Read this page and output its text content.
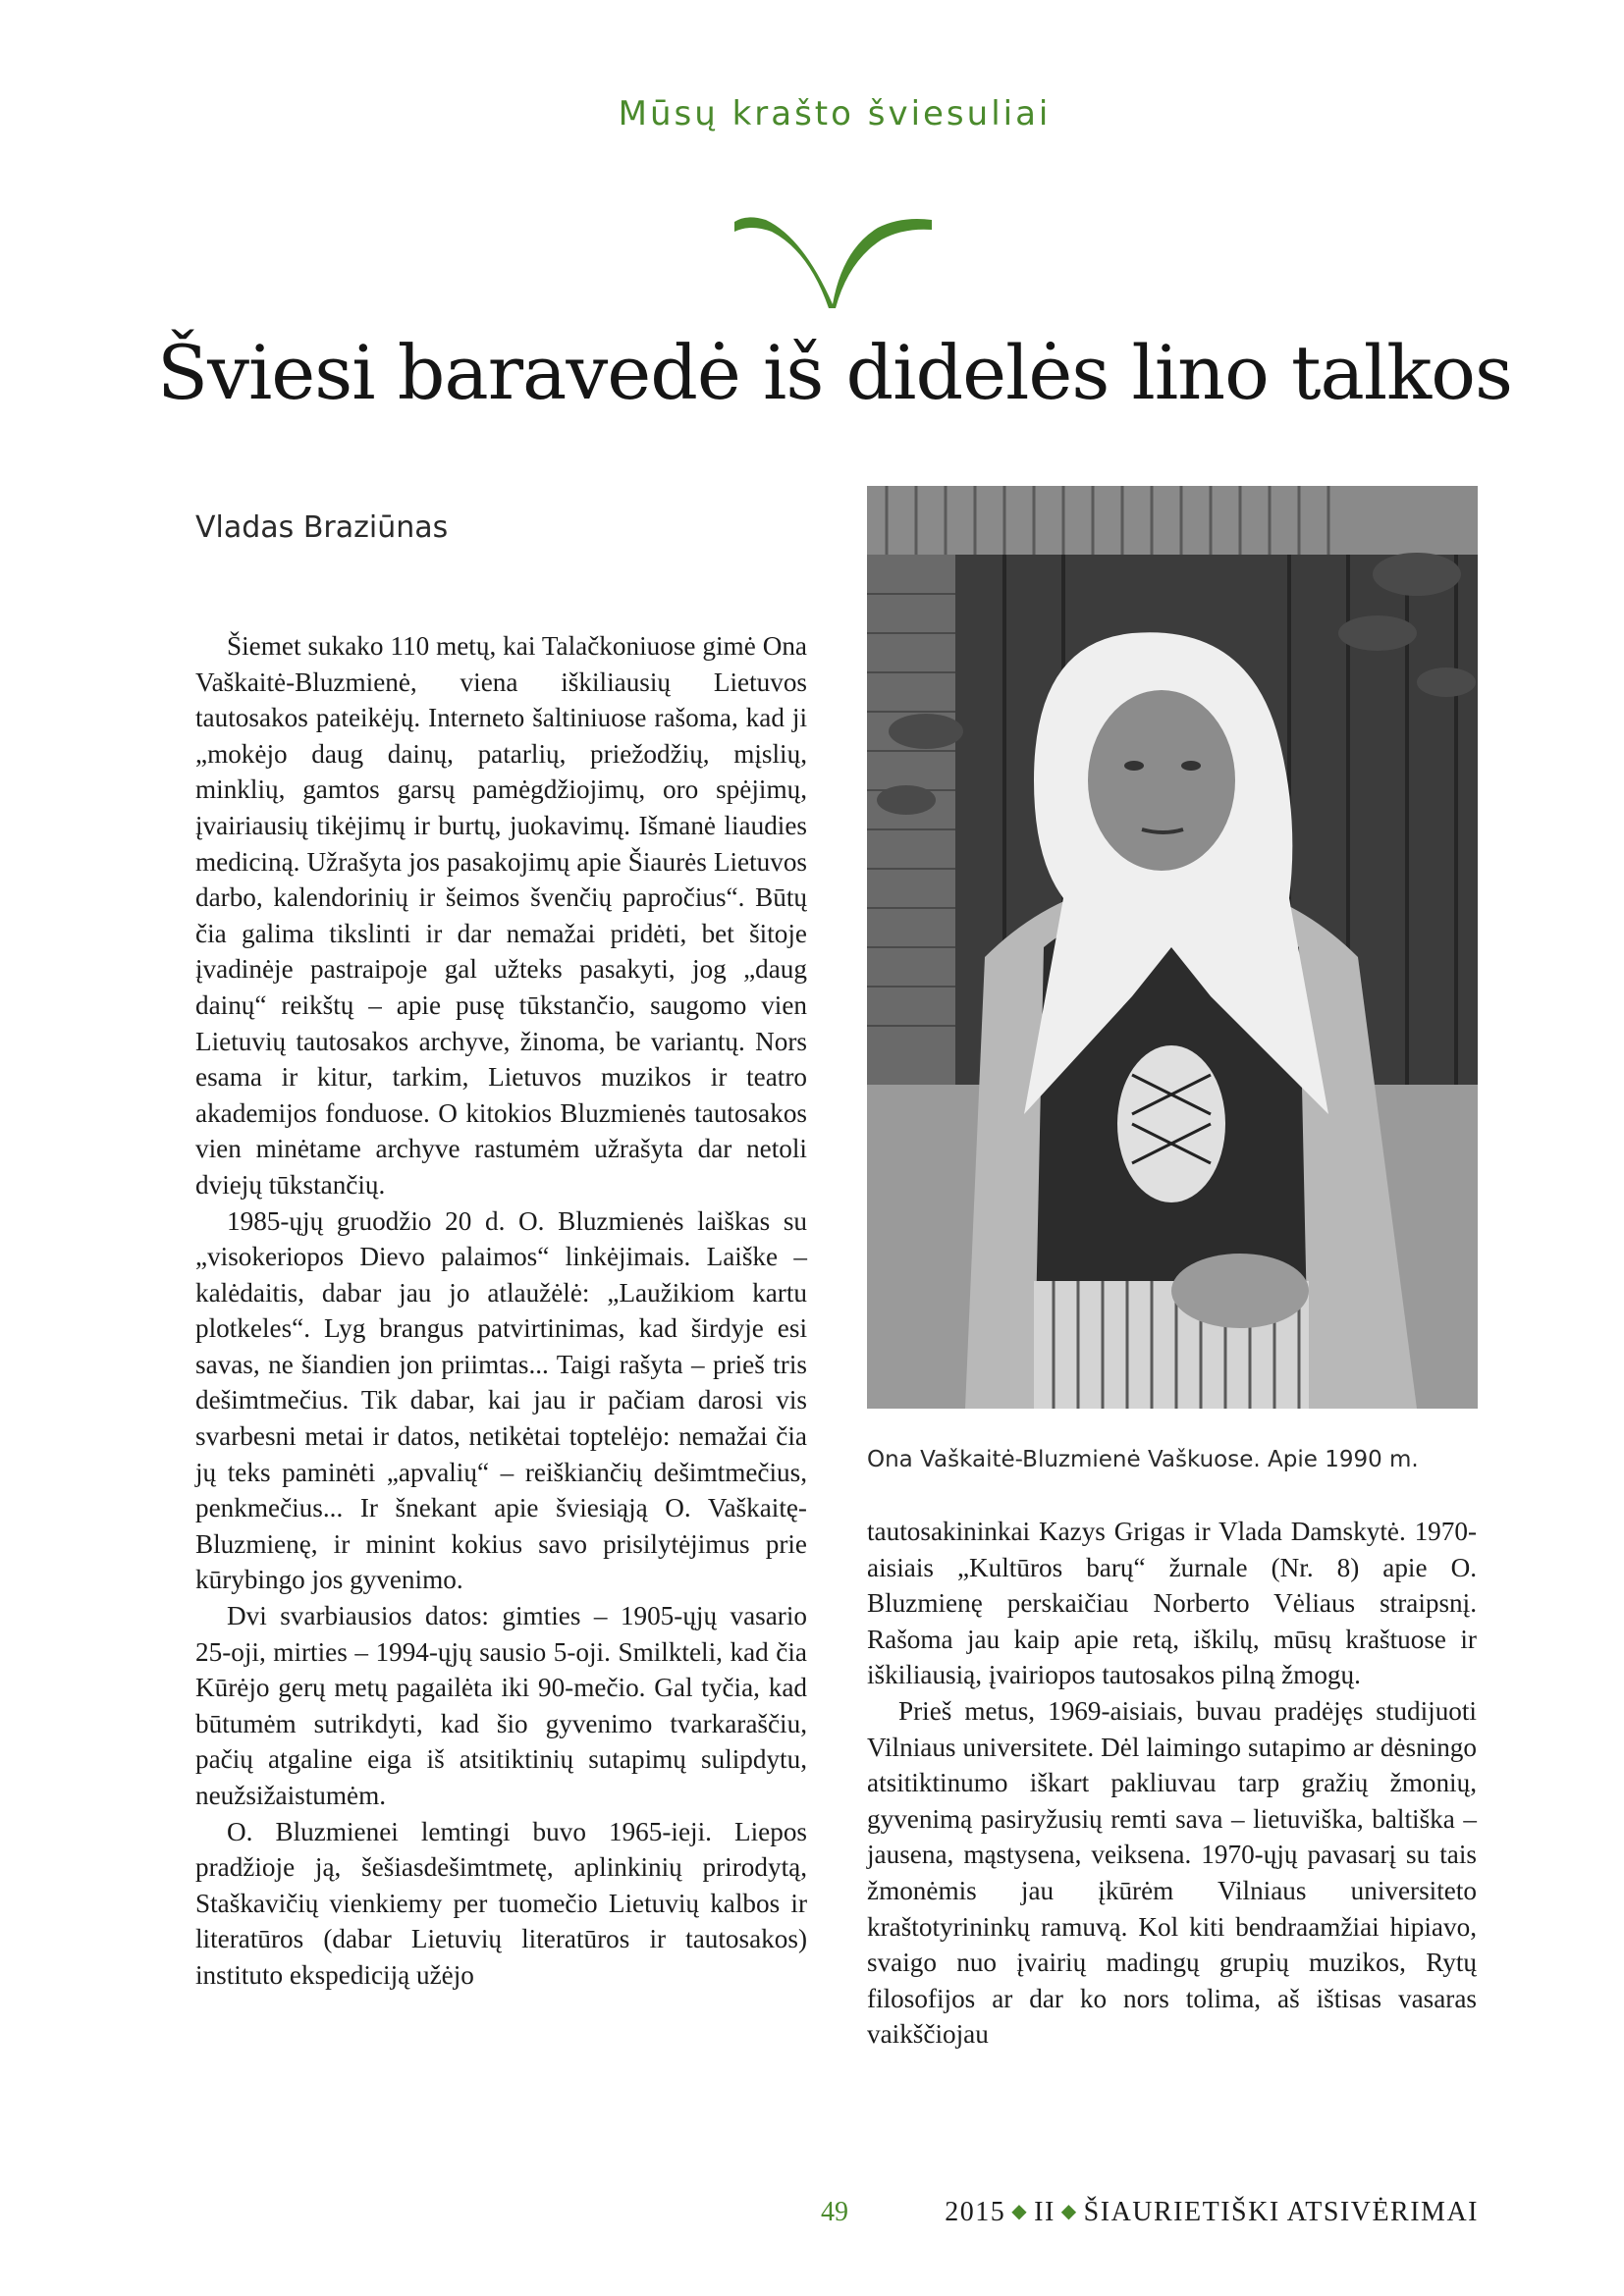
Mūsų krašto šviesuliai
Šviesi baravedė iš didelės lino talkos

Vladas Braziūnas

Šiemet sukako 110 metų, kai Talačkoniuose gimė Ona Vaškaitė-Bluzmienė, viena iškiliausių Lietuvos tautosakos pateikėjų. Interneto šaltiniuose rašoma, kad ji „mokėjo daug dainų, patarlių, priežodžių, mįslių, minklių, gamtos garsų pamėgdžiojimų, oro spėjimų, įvairiausių tikėjimų ir burtų, juokavimų. Išmanė liaudies mediciną. Užrašyta jos pasakojimų apie Šiaurės Lietuvos darbo, kalendorinių ir šeimos švenčių papročius“. Būtų čia galima tikslinti ir dar nemažai pridėti, bet šitoje įvadinėje pastraipoje gal užteks pasakyti, jog „daug dainų“ reikštų – apie pusę tūkstančio, saugomo vien Lietuvių tautosakos archyve, žinoma, be variantų. Nors esama ir kitur, tarkim, Lietuvos muzikos ir teatro akademijos fonduose. O kitokios Bluzmienės tautosakos vien minėtame archyve rastumėm užrašyta dar netoli dviejų tūkstančių.

1985-ųjų gruodžio 20 d. O. Bluzmienės laiškas su „visokeriopos Dievo palaimos“ linkėjimais. Laiške – kalėdaitis, dabar jau jo atlaužėlė: „Laužikiom kartu plotkeles“. Lyg brangus patvirtinimas, kad širdyje esi savas, ne šiandien jon priimtas... Taigi rašyta – prieš tris dešimtmečius. Tik dabar, kai jau ir pačiam darosi vis svarbesni metai ir datos, netikėtai toptelėjo: nemažai čia jų teks paminėti „apvalių“ – reiškiančių dešimtmečius, penkmečius... Ir šnekant apie šviesiąją O. Vaškaitę-Bluzmienę, ir minint kokius savo prisilytėjimus prie kūrybingo jos gyvenimo.

Dvi svarbiausios datos: gimties – 1905-ųjų vasario 25-oji, mirties – 1994-ųjų sausio 5-oji. Smilkteli, kad čia Kūrėjo gerų metų pagailėta iki 90-mečio. Gal tyčia, kad būtumėm sutrikdyti, kad šio gyvenimo tvarkaraščiu, pačių atgaline eiga iš atsitiktinių sutapimų sulipdytu, neužsižaistumėm.

O. Bluzmienei lemtingi buvo 1965-ieji. Liepos pradžioje ją, šešiasdešimtmetę, aplinkinių prirodytą, Staškavičių vienkiemy per tuomečio Lietuvių kalbos ir literatūros (dabar Lietuvių literatūros ir tautosakos) instituto ekspediciją užėjo

Ona Vaškaitė-Bluzmienė Vaškuose. Apie 1990 m.

tautosakininkai Kazys Grigas ir Vlada Damskytė. 1970-aisiais „Kultūros barų“ žurnale (Nr. 8) apie O. Bluzmienę perskaičiau Norberto Vėliaus straipsnį. Rašoma jau kaip apie retą, iškilų, mūsų kraštuose ir iškiliausią, įvairiopos tautosakos pilną žmogų.

Prieš metus, 1969-aisiais, buvau pradėjęs studijuoti Vilniaus universitete. Dėl laimingo sutapimo ar dėsningo atsitiktinumo iškart pakliuvau tarp gražių žmonių, gyvenimą pasiryžusių remti sava – lietuviška, baltiška – jausena, mąstysena, veiksena. 1970-ųjų pavasarį su tais žmonėmis jau įkūrėm Vilniaus universiteto kraštotyrininkų ramuvą. Kol kiti bendraamžiai hipiavo, svaigo nuo įvairių madingų grupių muzikos, Rytų filosofijos ar dar ko nors tolima, aš ištisas vasaras vaikščiojau

49	2015 ◆ II ◆ ŠIAURIETIŠKI ATSIVĖRIMAI
